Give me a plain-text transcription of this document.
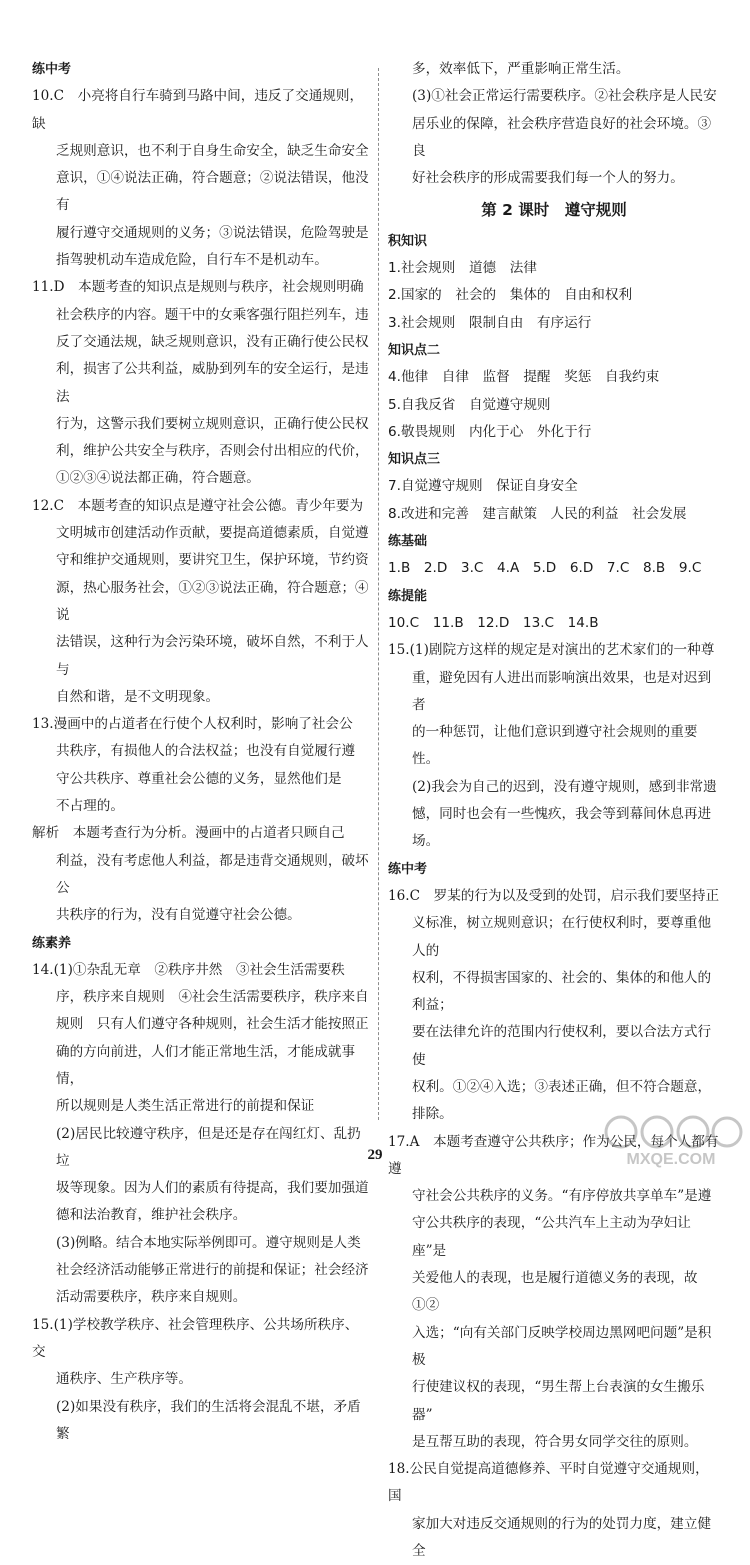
练中考
10.C　小亮将自行车骑到马路中间，违反了交通规则，缺
乏规则意识，也不利于自身生命安全，缺乏生命安全
意识，①④说法正确，符合题意；②说法错误，他没有
履行遵守交通规则的义务；③说法错误，危险驾驶是
指驾驶机动车造成危险，自行车不是机动车。
11.D　本题考查的知识点是规则与秩序，社会规则明确
社会秩序的内容。题干中的女乘客强行阻拦列车，违
反了交通法规，缺乏规则意识，没有正确行使公民权
利，损害了公共利益，威胁到列车的安全运行，是违法
行为，这警示我们要树立规则意识，正确行使公民权
利，维护公共安全与秩序，否则会付出相应的代价，
①②③④说法都正确，符合题意。
12.C　本题考查的知识点是遵守社会公德。青少年要为
文明城市创建活动作贡献，要提高道德素质，自觉遵
守和维护交通规则，要讲究卫生，保护环境，节约资
源，热心服务社会，①②③说法正确，符合题意；④说
法错误，这种行为会污染环境，破坏自然，不利于人与
自然和谐，是不文明现象。
13.漫画中的占道者在行使个人权利时，影响了社会公
共秩序，有损他人的合法权益；也没有自觉履行遵
守公共秩序、尊重社会公德的义务，显然他们是
不占理的。
解析　本题考查行为分析。漫画中的占道者只顾自己
利益，没有考虑他人利益，都是违背交通规则，破坏公
共秩序的行为，没有自觉遵守社会公德。
练素养
14.(1)①杂乱无章　②秩序井然　③社会生活需要秩
序，秩序来自规则　④社会生活需要秩序，秩序来自
规则　只有人们遵守各种规则，社会生活才能按照正
确的方向前进，人们才能正常地生活，才能成就事情，
所以规则是人类生活正常进行的前提和保证
(2)居民比较遵守秩序，但是还是存在闯红灯、乱扔垃
圾等现象。因为人们的素质有待提高，我们要加强道
德和法治教育，维护社会秩序。
(3)例略。结合本地实际举例即可。遵守规则是人类
社会经济活动能够正常进行的前提和保证；社会经济
活动需要秩序，秩序来自规则。
15.(1)学校教学秩序、社会管理秩序、公共场所秩序、交
通秩序、生产秩序等。
(2)如果没有秩序，我们的生活将会混乱不堪，矛盾繁
多，效率低下，严重影响正常生活。
(3)①社会正常运行需要秩序。②社会秩序是人民安
居乐业的保障，社会秩序营造良好的社会环境。③良
好社会秩序的形成需要我们每一个人的努力。
第 2 课时　遵守规则
积知识
1.社会规则　道德　法律
2.国家的　社会的　集体的　自由和权利
3.社会规则　限制自由　有序运行
知识点二
4.他律　自律　监督　提醒　奖惩　自我约束
5.自我反省　自觉遵守规则
6.敬畏规则　内化于心　外化于行
知识点三
7.自觉遵守规则　保证自身安全
8.改进和完善　建言献策　人民的利益　社会发展
练基础
1.B　2.D　3.C　4.A　5.D　6.D　7.C　8.B　9.C
练提能
10.C　11.B　12.D　13.C　14.B
15.(1)剧院方这样的规定是对演出的艺术家们的一种尊
重，避免因有人进出而影响演出效果，也是对迟到者
的一种惩罚，让他们意识到遵守社会规则的重要性。
(2)我会为自己的迟到，没有遵守规则，感到非常遗
憾，同时也会有一些愧疚，我会等到幕间休息再进场。
练中考
16.C　罗某的行为以及受到的处罚，启示我们要坚持正
义标准，树立规则意识；在行使权利时，要尊重他人的
权利，不得损害国家的、社会的、集体的和他人的利益；
要在法律允许的范围内行使权利，要以合法方式行使
权利。①②④入选；③表述正确，但不符合题意，
排除。
17.A　本题考查遵守公共秩序；作为公民，每个人都有遵
守社会公共秩序的义务。“有序停放共享单车”是遵
守公共秩序的表现，“公共汽车上主动为孕妇让座”是
关爱他人的表现，也是履行道德义务的表现，故①②
入选；“向有关部门反映学校周边黑网吧问题”是积极
行使建议权的表现，“男生帮上台表演的女生搬乐器”
是互帮互助的表现，符合男女同学交往的原则。
18.公民自觉提高道德修养、平时自觉遵守交通规则，国
家加大对违反交通规则的行为的处罚力度，建立健全
29	MXQE.COM
